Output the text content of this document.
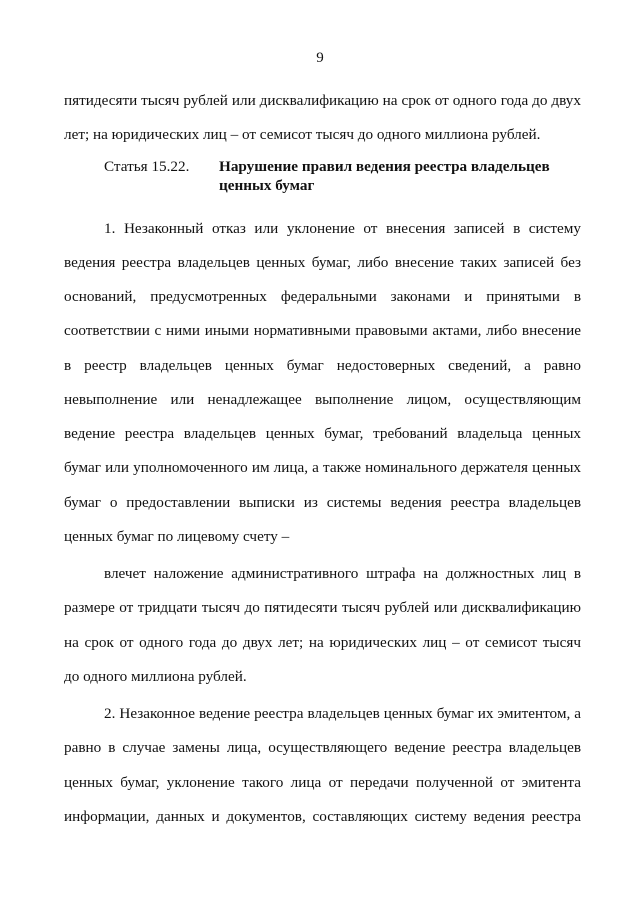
9
пятидесяти тысяч рублей или дисквалификацию на срок от одного года до двух
лет; на юридических лиц – от семисот тысяч до одного миллиона рублей.
Статья 15.22. Нарушение правил ведения реестра владельцев
ценных бумаг
1. Незаконный отказ или уклонение от внесения записей в систему
ведения реестра владельцев ценных бумаг, либо внесение таких записей без
оснований, предусмотренных федеральными законами и принятыми в
соответствии с ними иными нормативными правовыми актами, либо внесение
в реестр владельцев ценных бумаг недостоверных сведений, а равно
невыполнение или ненадлежащее выполнение лицом, осуществляющим
ведение реестра владельцев ценных бумаг, требований владельца ценных
бумаг или уполномоченного им лица, а также номинального держателя ценных
бумаг о предоставлении выписки из системы ведения реестра владельцев
ценных бумаг по лицевому счету –
влечет наложение административного штрафа на должностных лиц в
размере от тридцати тысяч до пятидесяти тысяч рублей или дисквалификацию
на срок от одного года до двух лет; на юридических лиц – от семисот тысяч
до одного миллиона рублей.
2. Незаконное ведение реестра владельцев ценных бумаг их эмитентом, а
равно в случае замены лица, осуществляющего ведение реестра владельцев
ценных бумаг, уклонение такого лица от передачи полученной от эмитента
информации, данных и документов, составляющих систему ведения реестра
